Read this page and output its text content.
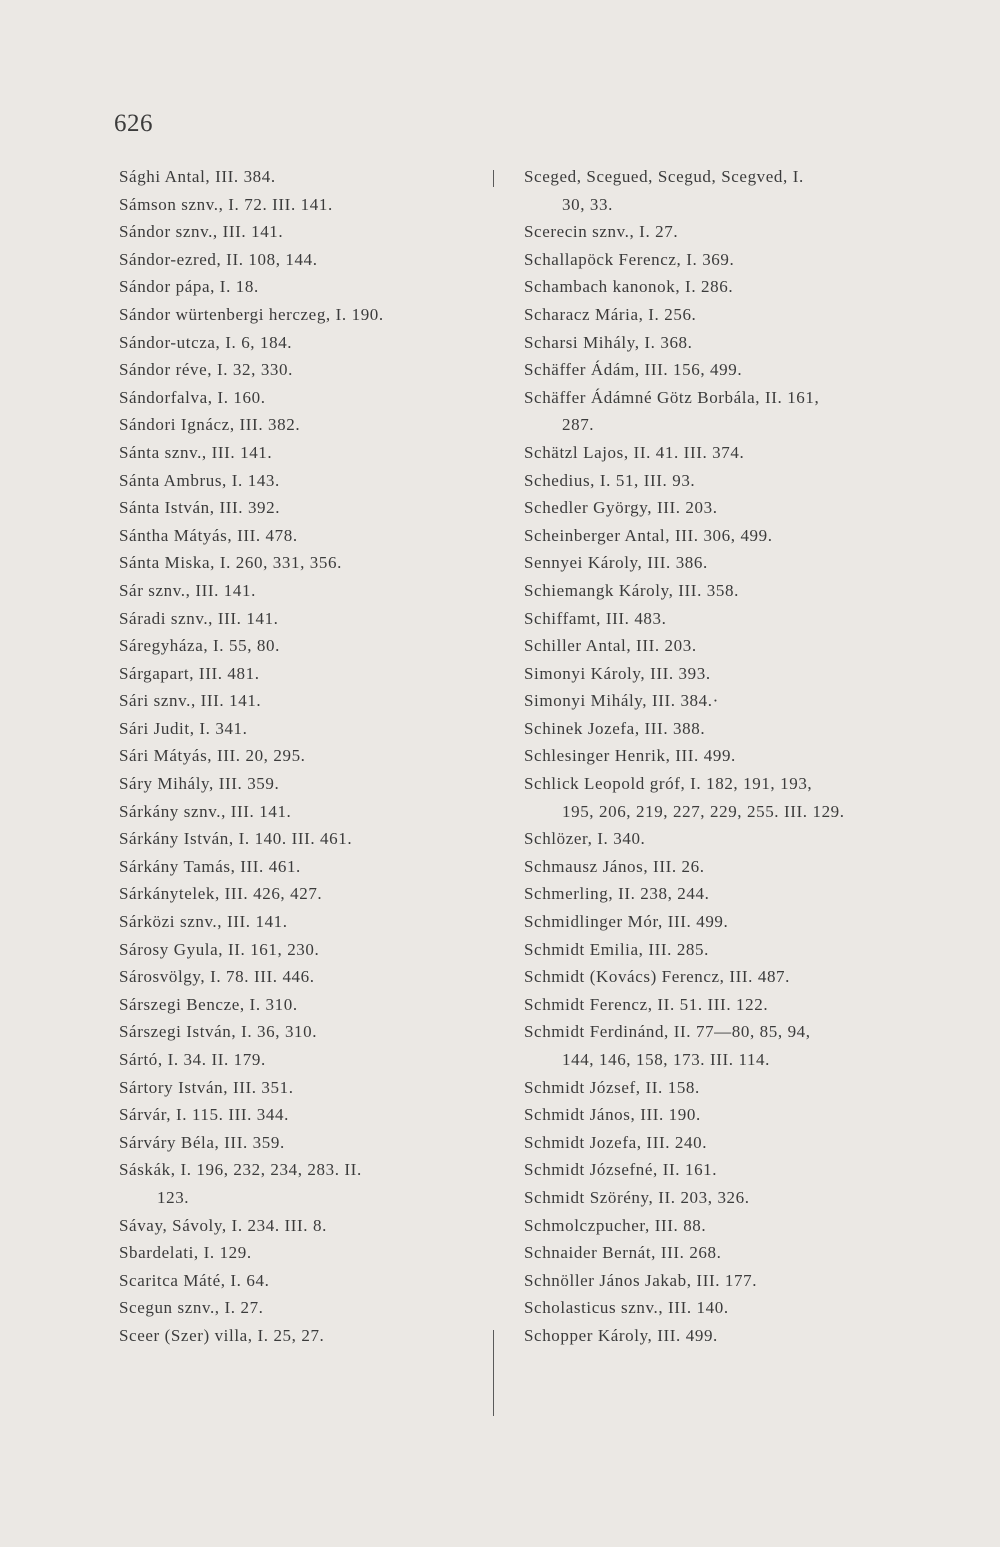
626
Sághi Antal, III. 384.
Sámson sznv., I. 72. III. 141.
Sándor sznv., III. 141.
Sándor-ezred, II. 108, 144.
Sándor pápa, I. 18.
Sándor würtenbergi herczeg, I. 190.
Sándor-utcza, I. 6, 184.
Sándor réve, I. 32, 330.
Sándorfalva, I. 160.
Sándori Ignácz, III. 382.
Sánta sznv., III. 141.
Sánta Ambrus, I. 143.
Sánta István, III. 392.
Sántha Mátyás, III. 478.
Sánta Miska, I. 260, 331, 356.
Sár sznv., III. 141.
Sáradi sznv., III. 141.
Sáregyháza, I. 55, 80.
Sárgapart, III. 481.
Sári sznv., III. 141.
Sári Judit, I. 341.
Sári Mátyás, III. 20, 295.
Sáry Mihály, III. 359.
Sárkány sznv., III. 141.
Sárkány István, I. 140. III. 461.
Sárkány Tamás, III. 461.
Sárkánytelek, III. 426, 427.
Sárközi sznv., III. 141.
Sárosy Gyula, II. 161, 230.
Sárosvölgy, I. 78. III. 446.
Sárszegi Bencze, I. 310.
Sárszegi István, I. 36, 310.
Sártó, I. 34. II. 179.
Sártory István, III. 351.
Sárvár, I. 115. III. 344.
Sárváry Béla, III. 359.
Sáskák, I. 196, 232, 234, 283. II.
123.
Sávay, Sávoly, I. 234. III. 8.
Sbardelati, I. 129.
Scaritca Máté, I. 64.
Scegun sznv., I. 27.
Sceer (Szer) villa, I. 25, 27.
Sceged, Scegued, Scegud, Scegved, I.
30, 33.
Scerecin sznv., I. 27.
Schallapöck Ferencz, I. 369.
Schambach kanonok, I. 286.
Scharacz Mária, I. 256.
Scharsi Mihály, I. 368.
Schäffer Ádám, III. 156, 499.
Schäffer Ádámné Götz Borbála, II. 161,
287.
Schätzl Lajos, II. 41. III. 374.
Schedius, I. 51, III. 93.
Schedler György, III. 203.
Scheinberger Antal, III. 306, 499.
Sennyei Károly, III. 386.
Schiemangk Károly, III. 358.
Schiffamt, III. 483.
Schiller Antal, III. 203.
Simonyi Károly, III. 393.
Simonyi Mihály, III. 384.·
Schinek Jozefa, III. 388.
Schlesinger Henrik, III. 499.
Schlick Leopold gróf, I. 182, 191, 193,
195, 206, 219, 227, 229, 255. III. 129.
Schlözer, I. 340.
Schmausz János, III. 26.
Schmerling, II. 238, 244.
Schmidlinger Mór, III. 499.
Schmidt Emilia, III. 285.
Schmidt (Kovács) Ferencz, III. 487.
Schmidt Ferencz, II. 51. III. 122.
Schmidt Ferdinánd, II. 77—80, 85, 94,
144, 146, 158, 173. III. 114.
Schmidt József, II. 158.
Schmidt János, III. 190.
Schmidt Jozefa, III. 240.
Schmidt Józsefné, II. 161.
Schmidt Szörény, II. 203, 326.
Schmolczpucher, III. 88.
Schnaider Bernát, III. 268.
Schnöller János Jakab, III. 177.
Scholasticus sznv., III. 140.
Schopper Károly, III. 499.
